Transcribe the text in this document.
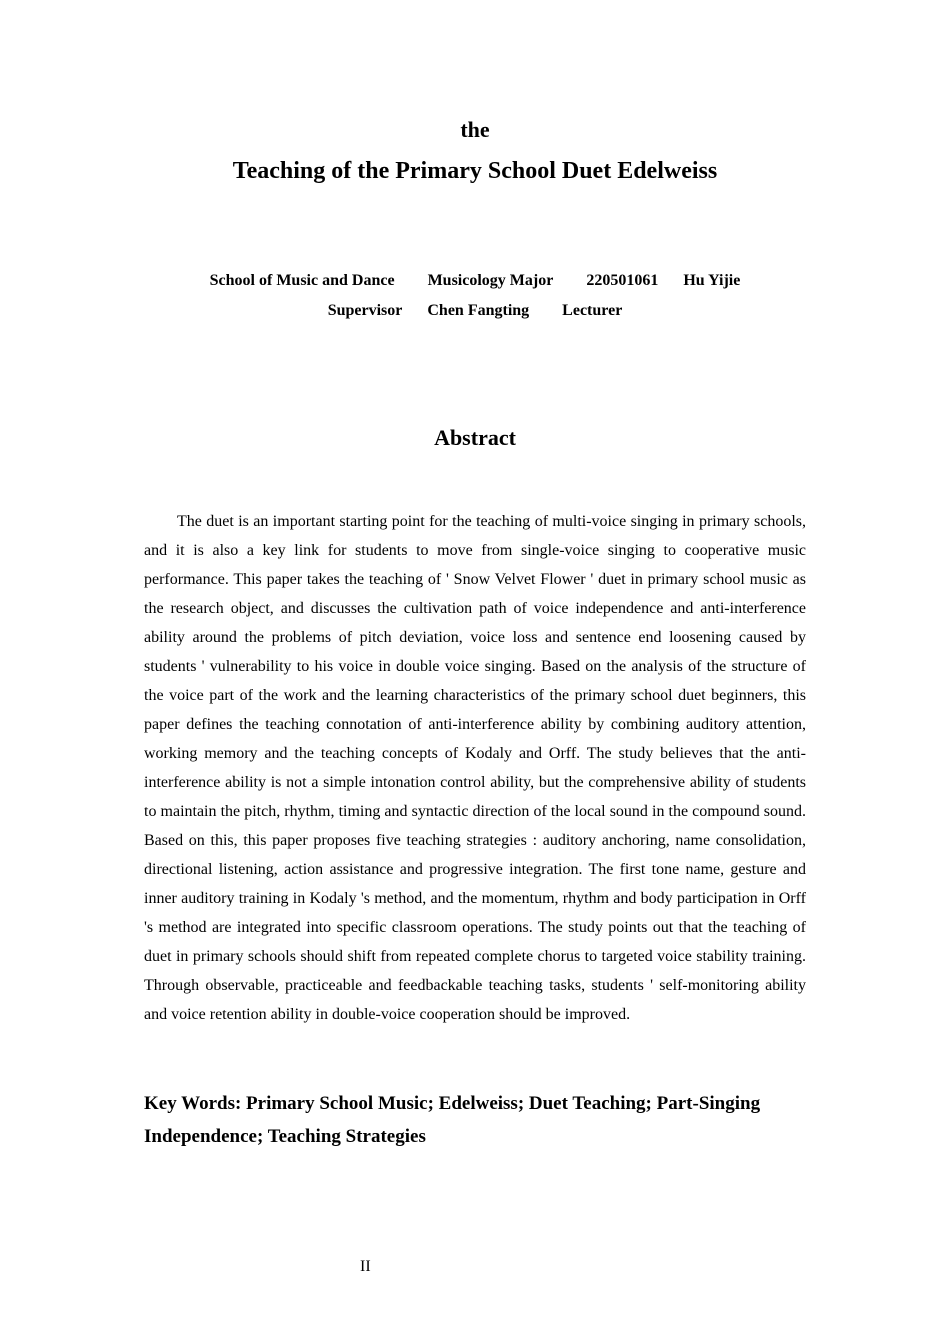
the
Teaching of the Primary School Duet Edelweiss
School of Music and Dance Musicology Major 220501061 Hu Yijie
Supervisor Chen Fangting Lecturer
Abstract

The duet is an important starting point for the teaching of multi-voice singing in primary schools, and it is also a key link for students to move from single-voice singing to cooperative music performance. This paper takes the teaching of ' Snow Velvet Flower ' duet in primary school music as the research object, and discusses the cultivation path of voice independence and anti-interference ability around the problems of pitch deviation, voice loss and sentence end loosening caused by students ' vulnerability to his voice in double voice singing. Based on the analysis of the structure of the voice part of the work and the learning characteristics of the primary school duet beginners, this paper defines the teaching connotation of anti-interference ability by combining auditory attention, working memory and the teaching concepts of Kodaly and Orff. The study believes that the anti-interference ability is not a simple intonation control ability, but the comprehensive ability of students to maintain the pitch, rhythm, timing and syntactic direction of the local sound in the compound sound. Based on this, this paper proposes five teaching strategies : auditory anchoring, name consolidation, directional listening, action assistance and progressive integration. The first tone name, gesture and inner auditory training in Kodaly 's method, and the momentum, rhythm and body participation in Orff 's method are integrated into specific classroom operations. The study points out that the teaching of duet in primary schools should shift from repeated complete chorus to targeted voice stability training. Through observable, practiceable and feedbackable teaching tasks, students ' self-monitoring ability and voice retention ability in double-voice cooperation should be improved.

Key Words: Primary School Music; Edelweiss; Duet Teaching; Part-Singing Independence; Teaching Strategies

II
